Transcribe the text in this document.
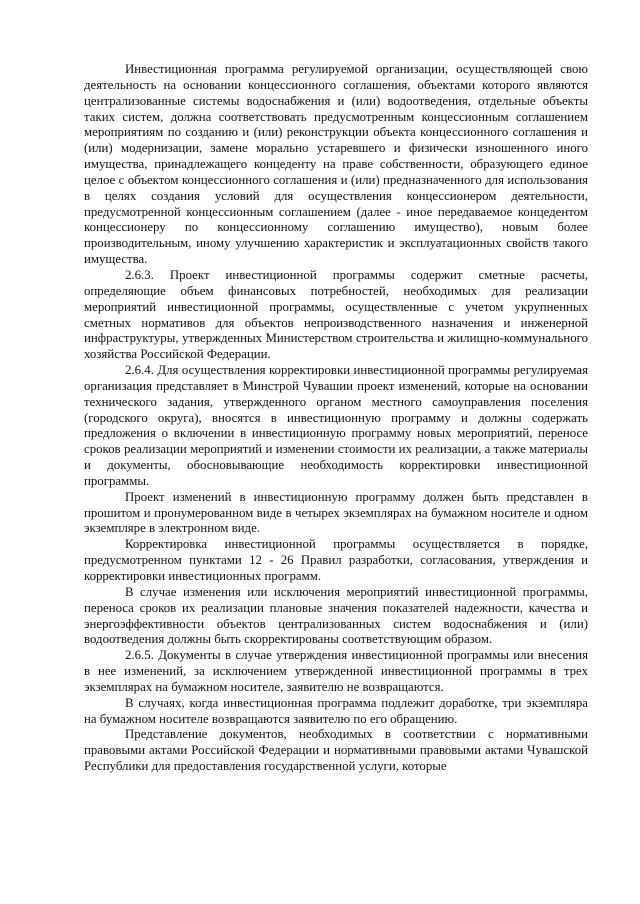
Инвестиционная программа регулируемой организации, осуществляющей свою деятельность на основании концессионного соглашения, объектами которого являются централизованные системы водоснабжения и (или) водоотведения, отдельные объекты таких систем, должна соответствовать предусмотренным концессионным соглашением мероприятиям по созданию и (или) реконструкции объекта концессионного соглашения и (или) модернизации, замене морально устаревшего и физически изношенного иного имущества, принадлежащего концеденту на праве собственности, образующего единое целое с объектом концессионного соглашения и (или) предназначенного для использования в целях создания условий для осуществления концессионером деятельности, предусмотренной концессионным соглашением (далее - иное передаваемое концедентом концессионеру по концессионному соглашению имущество), новым более производительным, иному улучшению характеристик и эксплуатационных свойств такого имущества.

2.6.3. Проект инвестиционной программы содержит сметные расчеты, определяющие объем финансовых потребностей, необходимых для реализации мероприятий инвестиционной программы, осуществленные с учетом укрупненных сметных нормативов для объектов непроизводственного назначения и инженерной инфраструктуры, утвержденных Министерством строительства и жилищно-коммунального хозяйства Российской Федерации.

2.6.4. Для осуществления корректировки инвестиционной программы регулируемая организация представляет в Минстрой Чувашии проект изменений, которые на основании технического задания, утвержденного органом местного самоуправления поселения (городского округа), вносятся в инвестиционную программу и должны содержать предложения о включении в инвестиционную программу новых мероприятий, переносе сроков реализации мероприятий и изменении стоимости их реализации, а также материалы и документы, обосновывающие необходимость корректировки инвестиционной программы.

Проект изменений в инвестиционную программу должен быть представлен в прошитом и пронумерованном виде в четырех экземплярах на бумажном носителе и одном экземпляре в электронном виде.

Корректировка инвестиционной программы осуществляется в порядке, предусмотренном пунктами 12 - 26 Правил разработки, согласования, утверждения и корректировки инвестиционных программ.

В случае изменения или исключения мероприятий инвестиционной программы, переноса сроков их реализации плановые значения показателей надежности, качества и энергоэффективности объектов централизованных систем водоснабжения и (или) водоотведения должны быть скорректированы соответствующим образом.

2.6.5. Документы в случае утверждения инвестиционной программы или внесения в нее изменений, за исключением утвержденной инвестиционной программы в трех экземплярах на бумажном носителе, заявителю не возвращаются.

В случаях, когда инвестиционная программа подлежит доработке, три экземпляра на бумажном носителе возвращаются заявителю по его обращению.

Представление документов, необходимых в соответствии с нормативными правовыми актами Российской Федерации и нормативными правовыми актами Чувашской Республики для предоставления государственной услуги, которые
